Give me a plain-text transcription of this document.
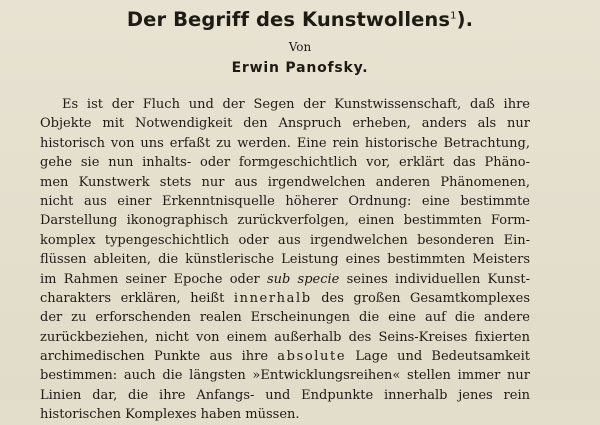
Der Begriff des Kunstwollens$^1$).
Von
Erwin Panofsky.
Es ist der Fluch und der Segen der Kunstwissenschaft, daß ihre
Objekte mit Notwendigkeit den Anspruch erheben, anders als nur
historisch von uns erfaßt zu werden. Eine rein historische Betrachtung,
gehe sie nun inhalts- oder formgeschichtlich vor, erklärt das Phäno-
men Kunstwerk stets nur aus irgendwelchen anderen Phänomenen,
nicht aus einer Erkenntnisquelle höherer Ordnung: eine bestimmte
Darstellung ikonographisch zurückverfolgen, einen bestimmten Form-
komplex typengeschichtlich oder aus irgendwelchen besonderen Ein-
flüssen ableiten, die künstlerische Leistung eines bestimmten Meisters
im Rahmen seiner Epoche oder sub specie seines individuellen Kunst-
charakters erklären, heißt innerhalb des großen Gesamtkomplexes
der zu erforschenden realen Erscheinungen die eine auf die andere
zurückbeziehen, nicht von einem außerhalb des Seins-Kreises fixierten
archimedischen Punkte aus ihre absolute Lage und Bedeutsamkeit
bestimmen: auch die längsten »Entwicklungsreihen« stellen immer nur
Linien dar, die ihre Anfangs- und Endpunkte innerhalb jenes rein
historischen Komplexes haben müssen.
